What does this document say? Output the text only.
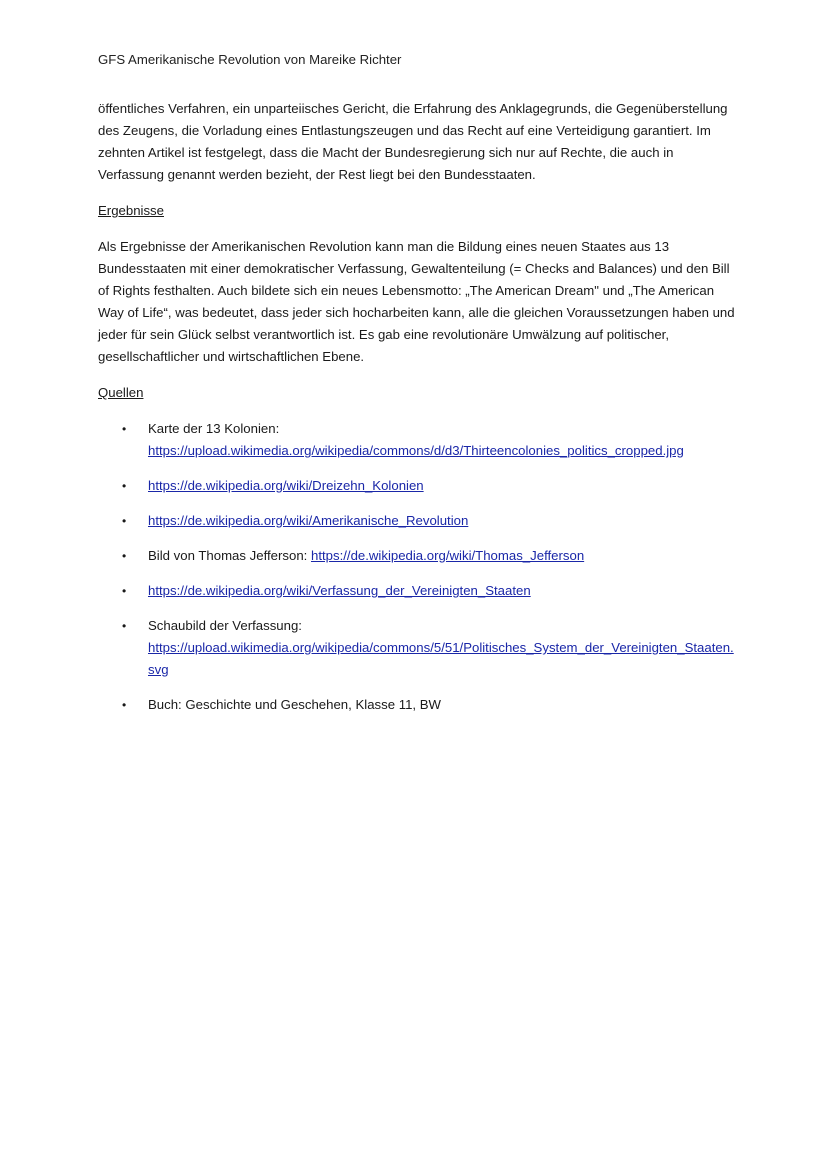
GFS Amerikanische Revolution von Mareike Richter

öffentliches Verfahren, ein unparteiisches Gericht, die Erfahrung des Anklagegrunds, die Gegenüberstellung des Zeugens, die Vorladung eines Entlastungszeugen und das Recht auf eine Verteidigung garantiert. Im zehnten Artikel ist festgelegt, dass die Macht der Bundesregierung sich nur auf Rechte, die auch in Verfassung genannt werden bezieht, der Rest liegt bei den Bundesstaaten.

Ergebnisse

Als Ergebnisse der Amerikanischen Revolution kann man die Bildung eines neuen Staates aus 13 Bundesstaaten mit einer demokratischer Verfassung, Gewaltenteilung (= Checks and Balances) und den Bill of Rights festhalten. Auch bildete sich ein neues Lebensmotto: „The American Dream" und „The American Way of Life“, was bedeutet, dass jeder sich hocharbeiten kann, alle die gleichen Voraussetzungen haben und jeder für sein Glück selbst verantwortlich ist. Es gab eine revolutionäre Umwälzung auf politischer, gesellschaftlicher und wirtschaftlichen Ebene.

Quellen

• Karte der 13 Kolonien:
https://upload.wikimedia.org/wikipedia/commons/d/d3/Thirteencolonies_politics_cropped.jpg
• https://de.wikipedia.org/wiki/Dreizehn_Kolonien
• https://de.wikipedia.org/wiki/Amerikanische_Revolution
• Bild von Thomas Jefferson: https://de.wikipedia.org/wiki/Thomas_Jefferson
• https://de.wikipedia.org/wiki/Verfassung_der_Vereinigten_Staaten
• Schaubild der Verfassung:
https://upload.wikimedia.org/wikipedia/commons/5/51/Politisches_System_der_Vereinigten_Staaten.svg
• Buch: Geschichte und Geschehen, Klasse 11, BW
